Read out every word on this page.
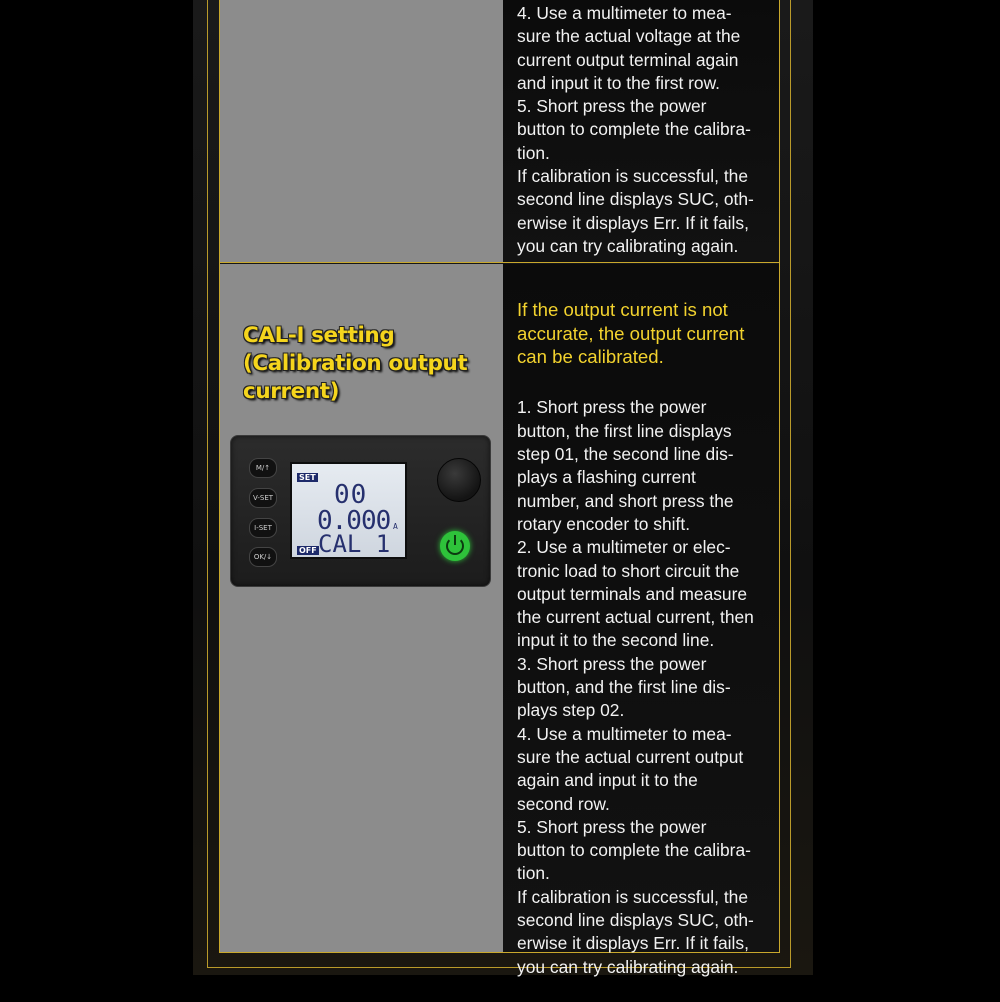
4. Use a multimeter to mea-
sure the actual voltage at the
current output terminal again
and input it to the first row.
5. Short press the power
button to complete the calibra-
tion.
If calibration is successful, the
second line displays SUC, oth-
erwise it displays Err. If it fails,
you can try calibrating again.
CAL-I setting
(Calibration output
current)

If the output current is not
accurate, the output current
can be calibrated.

1. Short press the power
button, the first line displays
step 01, the second line dis-
plays a flashing current
number, and short press the
rotary encoder to shift.
2. Use a multimeter or elec-
tronic load to short circuit the
output terminals and measure
the current actual current, then
input it to the second line.
3. Short press the power
button, and the first line dis-
plays step 02.
4. Use a multimeter to mea-
sure the actual current output
again and input it to the
second row.
5. Short press the power
button to complete the calibra-
tion.
If calibration is successful, the
second line displays SUC, oth-
erwise it displays Err. If it fails,
you can try calibrating again.

M/↑
V-SET
I-SET
OK/↓
SET
00
0.000 A
OFF CAL 1
